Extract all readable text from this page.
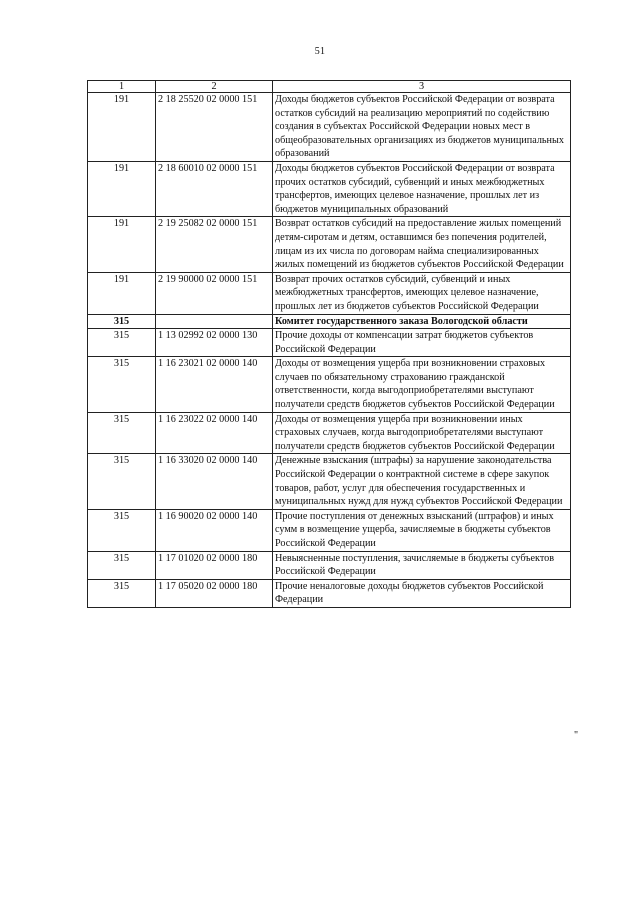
51
1	2	3
191	2 18 25520 02 0000 151	Доходы бюджетов субъектов Российской Федерации от возврата остатков субсидий на реализацию мероприятий по содействию создания в субъектах Российской Федерации новых мест в общеобразовательных организациях из бюджетов муниципальных образований
191	2 18 60010 02 0000 151	Доходы бюджетов субъектов Российской Федерации от возврата прочих остатков субсидий, субвенций и иных межбюджетных трансфертов, имеющих целевое назначение, прошлых лет из бюджетов муниципальных образований
191	2 19 25082 02 0000 151	Возврат остатков субсидий на предоставление жилых помещений детям-сиротам и детям, оставшимся без попечения родителей, лицам из их числа по договорам найма специализированных жилых помещений из бюджетов субъектов Российской Федерации
191	2 19 90000 02 0000 151	Возврат прочих остатков субсидий, субвенций и иных межбюджетных трансфертов, имеющих целевое назначение, прошлых лет из бюджетов субъектов Российской Федерации
315		Комитет государственного заказа Вологодской области
315	1 13 02992 02 0000 130	Прочие доходы от компенсации затрат бюджетов субъектов Российской Федерации
315	1 16 23021 02 0000 140	Доходы от возмещения ущерба при возникновении страховых случаев по обязательному страхованию гражданской ответственности, когда выгодоприобретателями выступают получатели средств бюджетов субъектов Российской Федерации
315	1 16 23022 02 0000 140	Доходы от возмещения ущерба при возникновении иных страховых случаев, когда выгодоприобретателями выступают получатели средств бюджетов субъектов Российской Федерации
315	1 16 33020 02 0000 140	Денежные взыскания (штрафы) за нарушение законодательства Российской Федерации о контрактной системе в сфере закупок товаров, работ, услуг для обеспечения государственных и муниципальных нужд для нужд субъектов Российской Федерации
315	1 16 90020 02 0000 140	Прочие поступления от денежных взысканий (штрафов) и иных сумм в возмещение ущерба, зачисляемые в бюджеты субъектов Российской Федерации
315	1 17 01020 02 0000 180	Невыясненные поступления, зачисляемые в бюджеты субъектов Российской Федерации
315	1 17 05020 02 0000 180	Прочие неналоговые доходы бюджетов субъектов Российской Федерации
"
